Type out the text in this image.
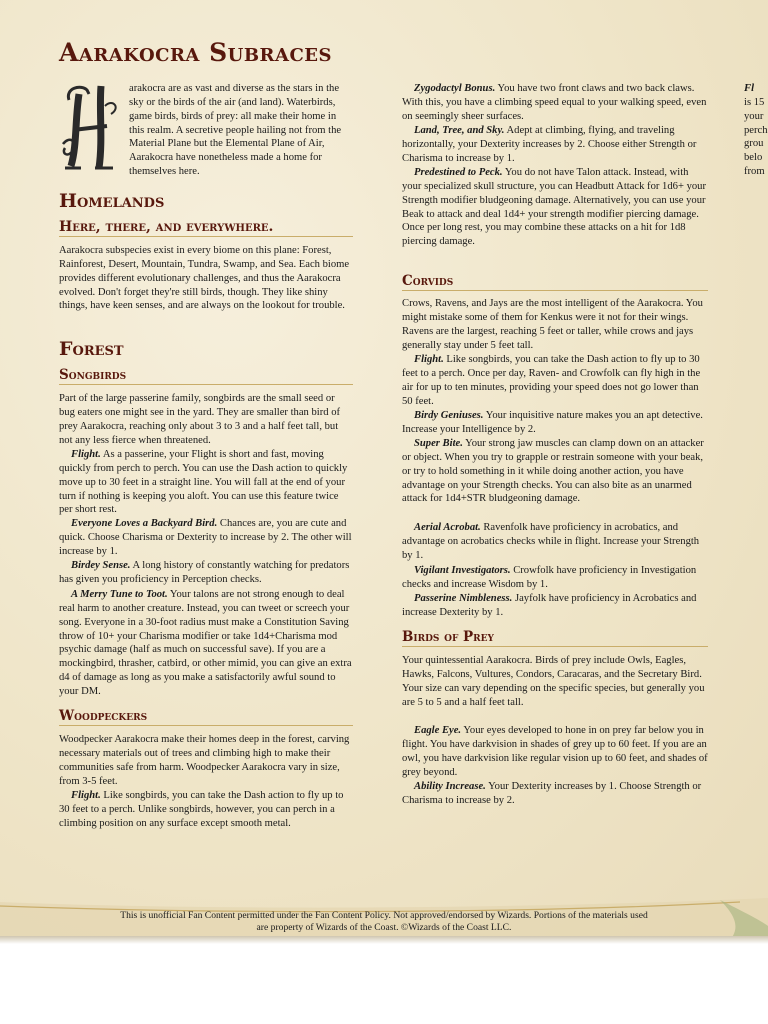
Aarakocra Subraces

arakocra are as vast and diverse as the stars in the sky or the birds of the air (and land). Waterbirds, game birds, birds of prey: all make their home in this realm. A secretive people hailing not from the Material Plane but the Elemental Plane of Air, Aarakocra have nonetheless made a home for themselves here.

Homelands
Here, there, and everywhere.

Aarakocra subspecies exist in every biome on this plane: Forest, Rainforest, Desert, Mountain, Tundra, Swamp, and Sea. Each biome provides different evolutionary challenges, and thus the Aarakocra evolved. Don't forget they're still birds, though. They like shiny things, have keen senses, and are always on the lookout for trouble.

Forest
Songbirds

Part of the large passerine family, songbirds are the small seed or bug eaters one might see in the yard. They are smaller than bird of prey Aarakocra, reaching only about 3 to 3 and a half feet tall, but not any less fierce when threatened.

Flight. As a passerine, your Flight is short and fast, moving quickly from perch to perch. You can use the Dash action to quickly move up to 30 feet in a straight line. You will fall at the end of your turn if nothing is keeping you aloft. You can use this feature twice per short rest.

Everyone Loves a Backyard Bird. Chances are, you are cute and quick. Choose Charisma or Dexterity to increase by 2. The other will increase by 1.

Birdey Sense. A long history of constantly watching for predators has given you proficiency in Perception checks.

A Merry Tune to Toot. Your talons are not strong enough to deal real harm to another creature. Instead, you can tweet or screech your song. Everyone in a 30-foot radius must make a Constitution Saving throw of 10+ your Charisma modifier or take 1d4+Charisma mod psychic damage (half as much on successful save). If you are a mockingbird, thrasher, catbird, or other mimid, you can give an extra d4 of damage as long as you make a satisfactorily awful sound to your DM.

Woodpeckers

Woodpecker Aarakocra make their homes deep in the forest, carving necessary materials out of trees and climbing high to make their communities safe from harm. Woodpecker Aarakocra vary in size, from 3-5 feet.

Flight. Like songbirds, you can take the Dash action to fly up to 30 feet to a perch. Unlike songbirds, however, you can perch in a climbing position on any surface except smooth metal.

Zygodactyl Bonus. You have two front claws and two back claws. With this, you have a climbing speed equal to your walking speed, even on seemingly sheer surfaces.

Land, Tree, and Sky. Adept at climbing, flying, and traveling horizontally, your Dexterity increases by 2. Choose either Strength or Charisma to increase by 1.

Predestined to Peck. You do not have Talon attack. Instead, with your specialized skull structure, you can Headbutt Attack for 1d6+ your Strength modifier bludgeoning damage. Alternatively, you can use your Beak to attack and deal 1d4+ your strength modifier piercing damage. Once per long rest, you may combine these attacks on a hit for 1d8 piercing damage.

Corvids

Crows, Ravens, and Jays are the most intelligent of the Aarakocra. You might mistake some of them for Kenkus were it not for their wings. Ravens are the largest, reaching 5 feet or taller, while crows and jays generally stay under 5 feet tall.

Flight. Like songbirds, you can take the Dash action to fly up to 30 feet to a perch. Once per day, Raven- and Crowfolk can fly high in the air for up to ten minutes, providing your speed does not go lower than 50 feet.

Birdy Geniuses. Your inquisitive nature makes you an apt detective. Increase your Intelligence by 2.

Super Bite. Your strong jaw muscles can clamp down on an attacker or object. When you try to grapple or restrain someone with your beak, or try to hold something in it while doing another action, you have advantage on your Strength checks. You can also bite as an unarmed attack for 1d4+STR bludgeoning damage.

Aerial Acrobat. Ravenfolk have proficiency in acrobatics, and advantage on acrobatics checks while in flight. Increase your Strength by 1.

Vigilant Investigators. Crowfolk have proficiency in Investigation checks and increase Wisdom by 1.

Passerine Nimbleness. Jayfolk have proficiency in Acrobatics and increase Dexterity by 1.

Birds of Prey

Your quintessential Aarakocra. Birds of prey include Owls, Eagles, Hawks, Falcons, Vultures, Condors, Caracaras, and the Secretary Bird. Your size can vary depending on the specific species, but generally you are 5 to 5 and a half feet tall.

Eagle Eye. Your eyes developed to hone in on prey far below you in flight. You have darkvision in shades of grey up to 60 feet. If you are an owl, you have darkvision like regular vision up to 60 feet, and shades of grey beyond.

Ability Increase. Your Dexterity increases by 1. Choose Strength or Charisma to increase by 2.

Fl
is 15
your
perch
grou
belo
from

This is unofficial Fan Content permitted under the Fan Content Policy. Not approved/endorsed by Wizards. Portions of the materials used
are property of Wizards of the Coast. ©Wizards of the Coast LLC.
